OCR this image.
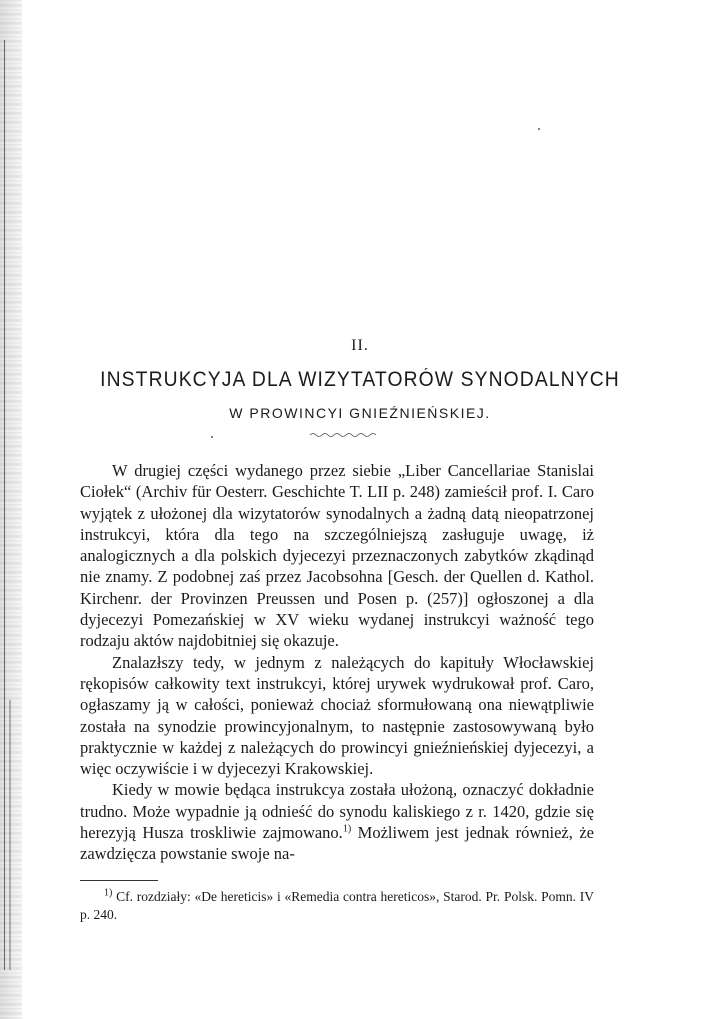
II.
INSTRUKCYJA DLA WIZYTATORÓW SYNODALNYCH
W PROWINCYI GNIEŹNIEŃSKIEJ.

W drugiej części wydanego przez siebie „Liber Cancellariae Stanislai Ciołek“ (Archiv für Oesterr. Geschichte T. LII p. 248) zamieścił prof. I. Caro wyjątek z ułożonej dla wizytatorów synodalnych a żadną datą nieopatrzonej instrukcyi, która dla tego na szczególniejszą zasługuje uwagę, iż analogicznych a dla polskich dyjecezyi przeznaczonych zabytków zkądinąd nie znamy. Z podobnej zaś przez Jacobsohna [Gesch. der Quellen d. Kathol. Kirchenr. der Provinzen Preussen und Posen p. (257)] ogłoszonej a dla dyjecezyi Pomezańskiej w XV wieku wydanej instrukcyi ważność tego rodzaju aktów najdobitniej się okazuje.

Znalazłszy tedy, w jednym z należących do kapituły Włocławskiej rękopisów całkowity text instrukcyi, której urywek wydrukował prof. Caro, ogłaszamy ją w całości, ponieważ chociaż sformułowaną ona niewątpliwie została na synodzie prowincyjonalnym, to następnie zastosowywaną było praktycznie w każdej z należących do prowincyi gnieźnieńskiej dyjecezyi, a więc oczywiście i w dyjecezyi Krakowskiej.

Kiedy w mowie będąca instrukcya została ułożoną, oznaczyć dokładnie trudno. Może wypadnie ją odnieść do synodu kaliskiego z r. 1420, gdzie się herezyją Husza troskliwie zajmowano.$^{1)}$ Możliwem jest jednak również, że zawdzięcza powstanie swoje na-

$^{1)}$ Cf. rozdziały: «De hereticis» i «Remedia contra hereticos», Starod. Pr. Polsk. Pomn. IV p. 240.
